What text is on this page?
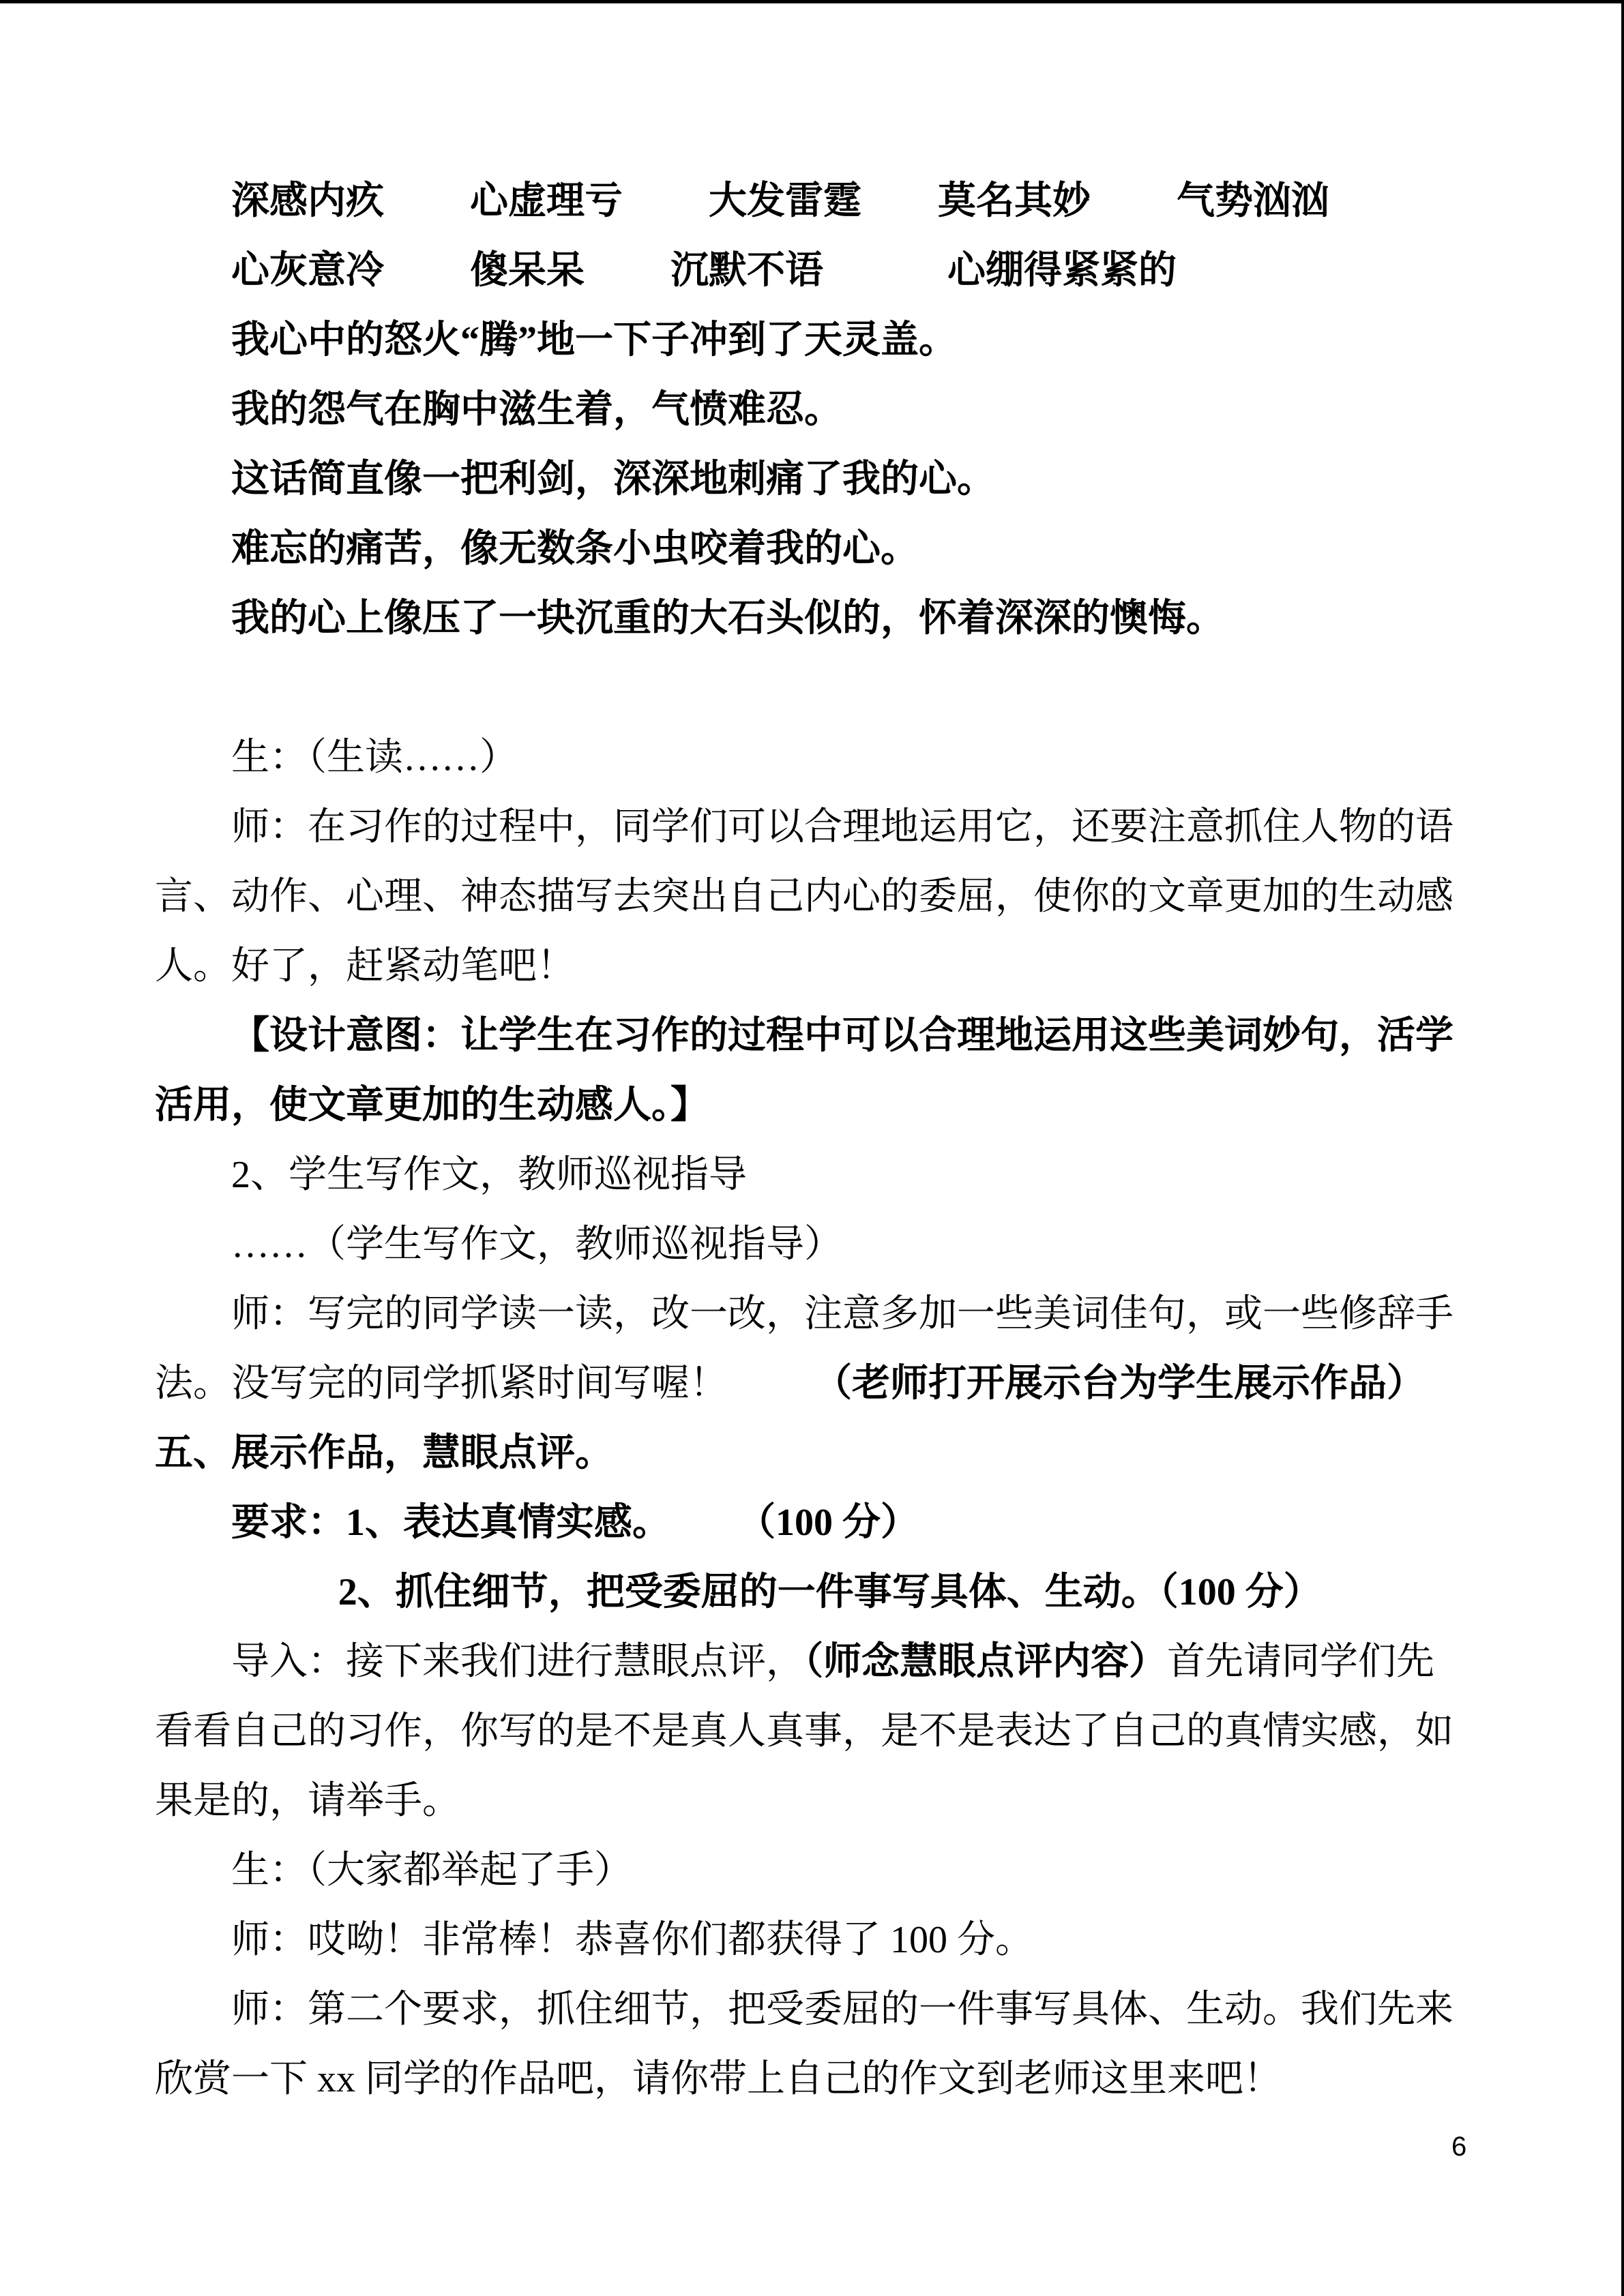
深感内疚　　 心虚理亏　　 大发雷霆　　莫名其妙　　 气势汹汹
心灰意冷　　 傻呆呆　　 沉默不语　　　 心绷得紧紧的
我心中的怒火“腾”地一下子冲到了天灵盖。
我的怨气在胸中滋生着，气愤难忍。
这话简直像一把利剑，深深地刺痛了我的心。
难忘的痛苦，像无数条小虫咬着我的心。
我的心上像压了一块沉重的大石头似的，怀着深深的懊悔。
生：（生读……）
师：在习作的过程中，同学们可以合理地运用它，还要注意抓住人物的语
言、动作、心理、神态描写去突出自己内心的委屈，使你的文章更加的生动感
人。好了，赶紧动笔吧！
【设计意图：让学生在习作的过程中可以合理地运用这些美词妙句，活学
活用，使文章更加的生动感人。】
2、学生写作文，教师巡视指导
……（学生写作文，教师巡视指导）
师：写完的同学读一读，改一改，注意多加一些美词佳句，或一些修辞手
法。没写完的同学抓紧时间写喔！　　 （老师打开展示台为学生展示作品）
五、展示作品，慧眼点评。
要求：1、表达真情实感。　　 （100 分）
2、抓住细节，把受委屈的一件事写具体、生动。（100 分）
导入：接下来我们进行慧眼点评，（师念慧眼点评内容）首先请同学们先
看看自己的习作，你写的是不是真人真事，是不是表达了自己的真情实感，如
果是的，请举手。
生：（大家都举起了手）
师：哎呦！非常棒！恭喜你们都获得了 100 分。
师：第二个要求，抓住细节，把受委屈的一件事写具体、生动。我们先来
欣赏一下 xx 同学的作品吧，请你带上自己的作文到老师这里来吧！
6
